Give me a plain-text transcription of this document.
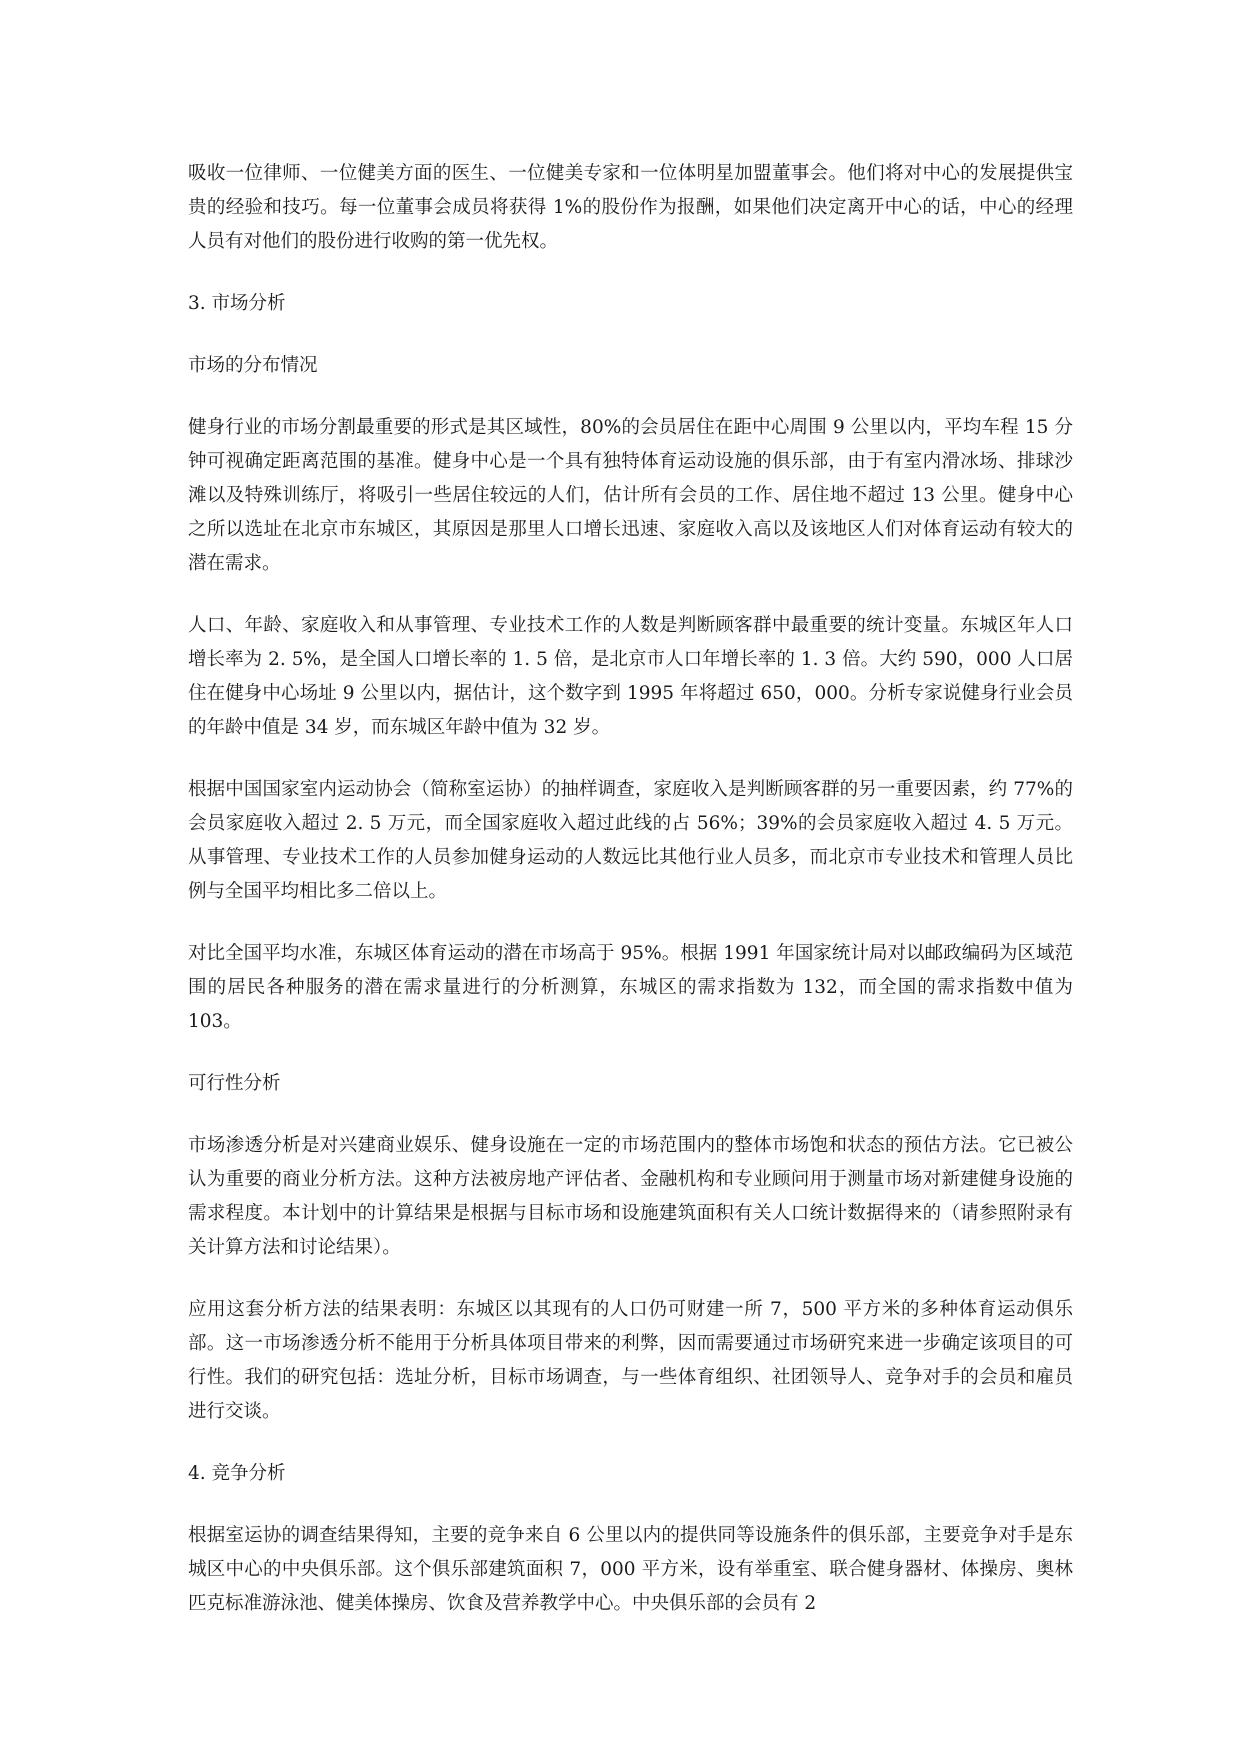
吸收一位律师、一位健美方面的医生、一位健美专家和一位体明星加盟董事会。他们将对中心的发展提供宝贵的经验和技巧。每一位董事会成员将获得 1%的股份作为报酬，如果他们决定离开中心的话，中心的经理人员有对他们的股份进行收购的第一优先权。

3. 市场分析

市场的分布情况

健身行业的市场分割最重要的形式是其区域性，80%的会员居住在距中心周围 9 公里以内，平均车程 15 分钟可视确定距离范围的基准。健身中心是一个具有独特体育运动设施的俱乐部，由于有室内滑冰场、排球沙滩以及特殊训练厅，将吸引一些居住较远的人们，估计所有会员的工作、居住地不超过 13 公里。健身中心之所以选址在北京市东城区，其原因是那里人口增长迅速、家庭收入高以及该地区人们对体育运动有较大的潜在需求。

人口、年龄、家庭收入和从事管理、专业技术工作的人数是判断顾客群中最重要的统计变量。东城区年人口增长率为 2. 5%，是全国人口增长率的 1. 5 倍，是北京市人口年增长率的 1. 3 倍。大约 590，000 人口居住在健身中心场址 9 公里以内，据估计，这个数字到 1995 年将超过 650，000。分析专家说健身行业会员的年龄中值是 34 岁，而东城区年龄中值为 32 岁。

根据中国国家室内运动协会（简称室运协）的抽样调查，家庭收入是判断顾客群的另一重要因素，约 77%的会员家庭收入超过 2. 5 万元，而全国家庭收入超过此线的占 56%；39%的会员家庭收入超过 4. 5 万元。从事管理、专业技术工作的人员参加健身运动的人数远比其他行业人员多，而北京市专业技术和管理人员比例与全国平均相比多二倍以上。

对比全国平均水准，东城区体育运动的潜在市场高于 95%。根据 1991 年国家统计局对以邮政编码为区域范围的居民各种服务的潜在需求量进行的分析测算，东城区的需求指数为 132，而全国的需求指数中值为 103。

可行性分析

市场渗透分析是对兴建商业娱乐、健身设施在一定的市场范围内的整体市场饱和状态的预估方法。它已被公认为重要的商业分析方法。这种方法被房地产评估者、金融机构和专业顾问用于测量市场对新建健身设施的需求程度。本计划中的计算结果是根据与目标市场和设施建筑面积有关人口统计数据得来的（请参照附录有关计算方法和讨论结果）。

应用这套分析方法的结果表明：东城区以其现有的人口仍可财建一所 7，500 平方米的多种体育运动俱乐部。这一市场渗透分析不能用于分析具体项目带来的利弊，因而需要通过市场研究来进一步确定该项目的可行性。我们的研究包括：选址分析，目标市场调查，与一些体育组织、社团领导人、竞争对手的会员和雇员进行交谈。

4. 竞争分析

根据室运协的调查结果得知，主要的竞争来自 6 公里以内的提供同等设施条件的俱乐部，主要竞争对手是东城区中心的中央俱乐部。这个俱乐部建筑面积 7，000 平方米，设有举重室、联合健身器材、体操房、奥林匹克标准游泳池、健美体操房、饮食及营养教学中心。中央俱乐部的会员有 2
